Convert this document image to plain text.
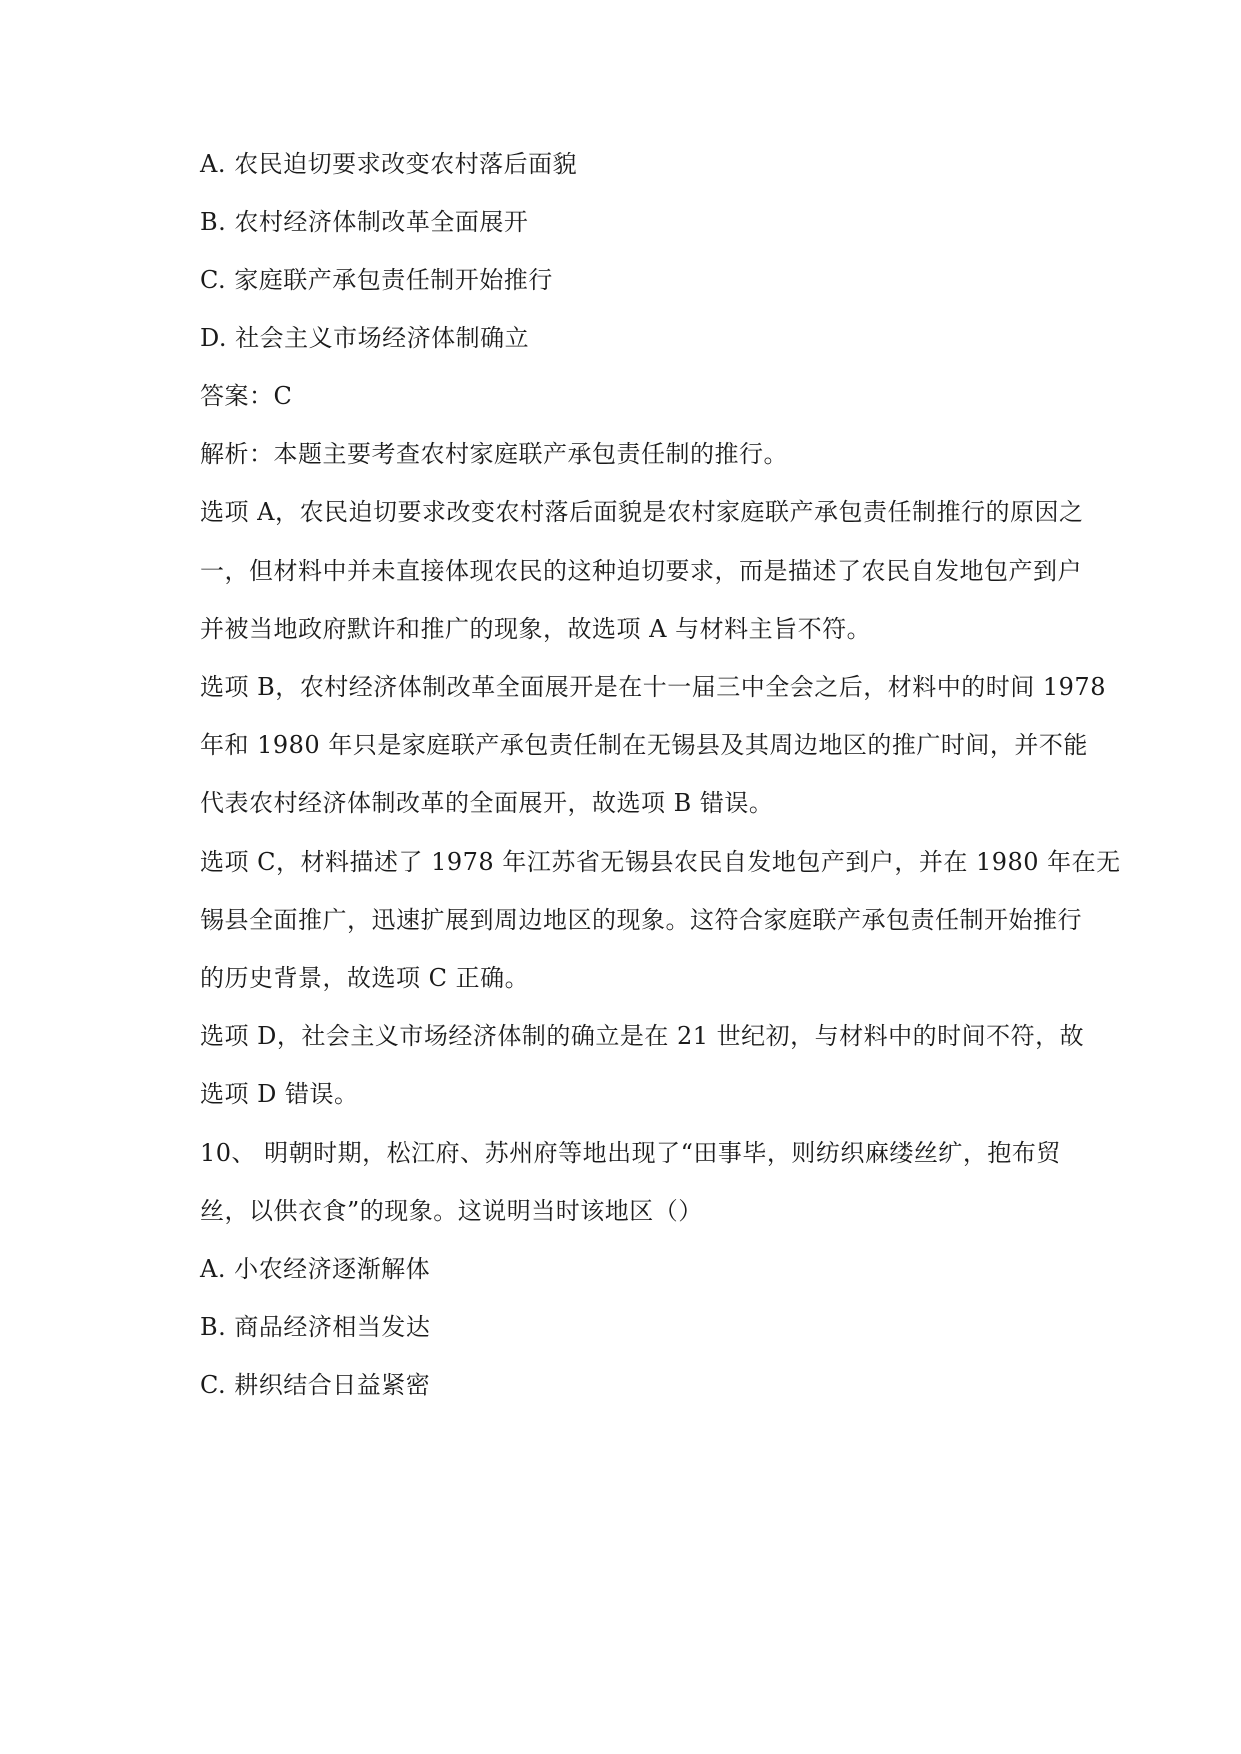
A. 农民迫切要求改变农村落后面貌
B. 农村经济体制改革全面展开
C. 家庭联产承包责任制开始推行
D. 社会主义市场经济体制确立
答案：C
解析：本题主要考查农村家庭联产承包责任制的推行。
选项 A，农民迫切要求改变农村落后面貌是农村家庭联产承包责任制推行的原因之
一，但材料中并未直接体现农民的这种迫切要求，而是描述了农民自发地包产到户
并被当地政府默许和推广的现象，故选项 A 与材料主旨不符。
选项 B，农村经济体制改革全面展开是在十一届三中全会之后，材料中的时间 1978
年和 1980 年只是家庭联产承包责任制在无锡县及其周边地区的推广时间，并不能
代表农村经济体制改革的全面展开，故选项 B 错误。
选项 C，材料描述了 1978 年江苏省无锡县农民自发地包产到户，并在 1980 年在无
锡县全面推广，迅速扩展到周边地区的现象。这符合家庭联产承包责任制开始推行
的历史背景，故选项 C 正确。
选项 D，社会主义市场经济体制的确立是在 21 世纪初，与材料中的时间不符，故
选项 D 错误。
10、 明朝时期，松江府、苏州府等地出现了“田事毕，则纺织麻缕丝纩，抱布贸
丝，以供衣食”的现象。这说明当时该地区（）
A. 小农经济逐渐解体
B. 商品经济相当发达
C. 耕织结合日益紧密
